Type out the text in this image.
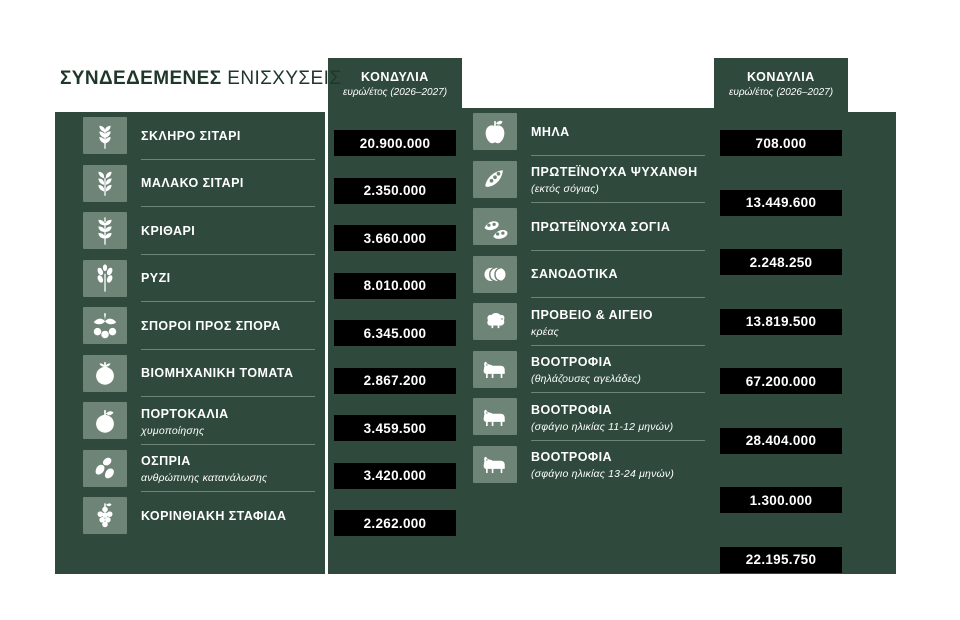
ΣΥΝΔΕΔΕΜΕΝΕΣ ΕΝΙΣΧΥΣΕΙΣ	ΚΟΝΔΥΛΙΑ
ευρώ/έτος (2026–2027)
ΚΟΝΔΥΛΙΑ
ευρώ/έτος (2026–2027)
ΣΚΛΗΡΟ ΣΙΤΑΡΙ
ΜΑΛΑΚΟ ΣΙΤΑΡΙ
ΚΡΙΘΑΡΙ
ΡΥΖΙ
ΣΠΟΡΟΙ ΠΡΟΣ ΣΠΟΡΑ
ΒΙΟΜΗΧΑΝΙΚΗ ΤΟΜΑΤΑ
ΠΟΡΤΟΚΑΛΙΑ
χυμοποίησης
ΟΣΠΡΙΑ
ανθρώπινης κατανάλωσης
ΚΟΡΙΝΘΙΑΚΗ ΣΤΑΦΙΔΑ
ΜΗΛΑ
ΠΡΩΤΕΪΝΟΥΧΑ ΨΥΧΑΝΘΗ
(εκτός σόγιας)
ΠΡΩΤΕΪΝΟΥΧΑ ΣΟΓΙΑ
ΣΑΝΟΔΟΤΙΚΑ
ΠΡΟΒΕΙΟ & ΑΙΓΕΙΟ
κρέας
ΒΟΟΤΡΟΦΙΑ
(θηλάζουσες αγελάδες)
ΒΟΟΤΡΟΦΙΑ
(σφάγιο ηλικίας 11-12 μηνών)
ΒΟΟΤΡΟΦΙΑ
(σφάγιο ηλικίας 13-24 μηνών)
20.900.000
2.350.000
3.660.000
8.010.000
6.345.000
2.867.200
3.459.500
3.420.000
2.262.000
708.000
13.449.600
2.248.250
13.819.500
67.200.000
28.404.000
1.300.000
22.195.750
